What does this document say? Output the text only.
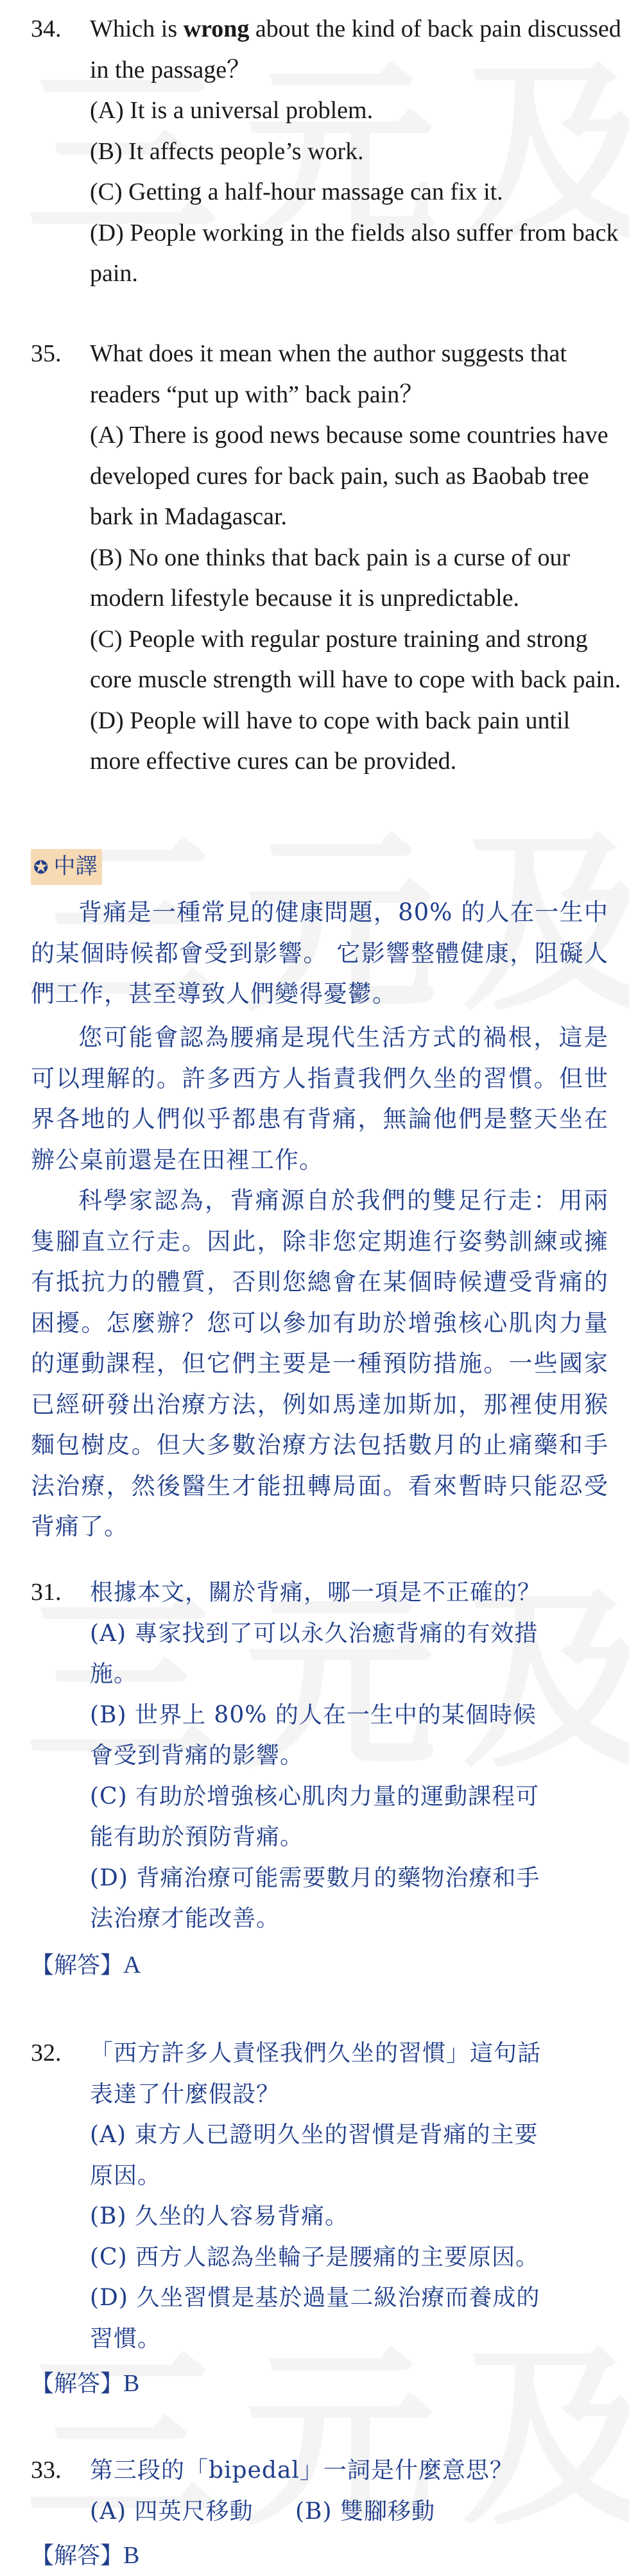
34. Which is wrong about the kind of back pain discussed in the passage？
(A) It is a universal problem.
(B) It affects people’s work.
(C) Getting a half-hour massage can fix it.
(D) People working in the fields also suffer from back pain.
35. What does it mean when the author suggests that readers “put up with” back pain？
(A) There is good news because some countries have developed cures for back pain, such as Baobab tree bark in Madagascar.
(B) No one thinks that back pain is a curse of our modern lifestyle because it is unpredictable.
(C) People with regular posture training and strong core muscle strength will have to cope with back pain.
(D) People will have to cope with back pain until more effective cures can be provided.
✪ 中譯
背痛是一種常見的健康問題，80% 的人在一生中的某個時候都會受到影響。 它影響整體健康，阻礙人們工作，甚至導致人們變得憂鬱。
您可能會認為腰痛是現代生活方式的禍根，這是可以理解的。許多西方人指責我們久坐的習慣。但世界各地的人們似乎都患有背痛，無論他們是整天坐在辦公桌前還是在田裡工作。
科學家認為，背痛源自於我們的雙足行走：用兩隻腳直立行走。因此，除非您定期進行姿勢訓練或擁有抵抗力的體質，否則您總會在某個時候遭受背痛的困擾。怎麼辦？您可以參加有助於增強核心肌肉力量的運動課程，但它們主要是一種預防措施。一些國家已經研發出治療方法，例如馬達加斯加，那裡使用猴麵包樹皮。但大多數治療方法包括數月的止痛藥和手法治療，然後醫生才能扭轉局面。看來暫時只能忍受背痛了。
31. 根據本文，關於背痛，哪一項是不正確的？
(A) 專家找到了可以永久治癒背痛的有效措
施。
(B) 世界上 80% 的人在一生中的某個時候
會受到背痛的影響。
(C) 有助於增強核心肌肉力量的運動課程可
能有助於預防背痛。
(D) 背痛治療可能需要數月的藥物治療和手
法治療才能改善。
【解答】A
32. 「西方許多人責怪我們久坐的習慣」這句話
表達了什麼假設？
(A) 東方人已證明久坐的習慣是背痛的主要
原因。
(B) 久坐的人容易背痛。
(C) 西方人認為坐輪子是腰痛的主要原因。
(D) 久坐習慣是基於過量二級治療而養成的
習慣。
【解答】B
33. 第三段的「bipedal」一詞是什麼意思？
(A) 四英尺移動 (B) 雙腳移動
【解答】B
